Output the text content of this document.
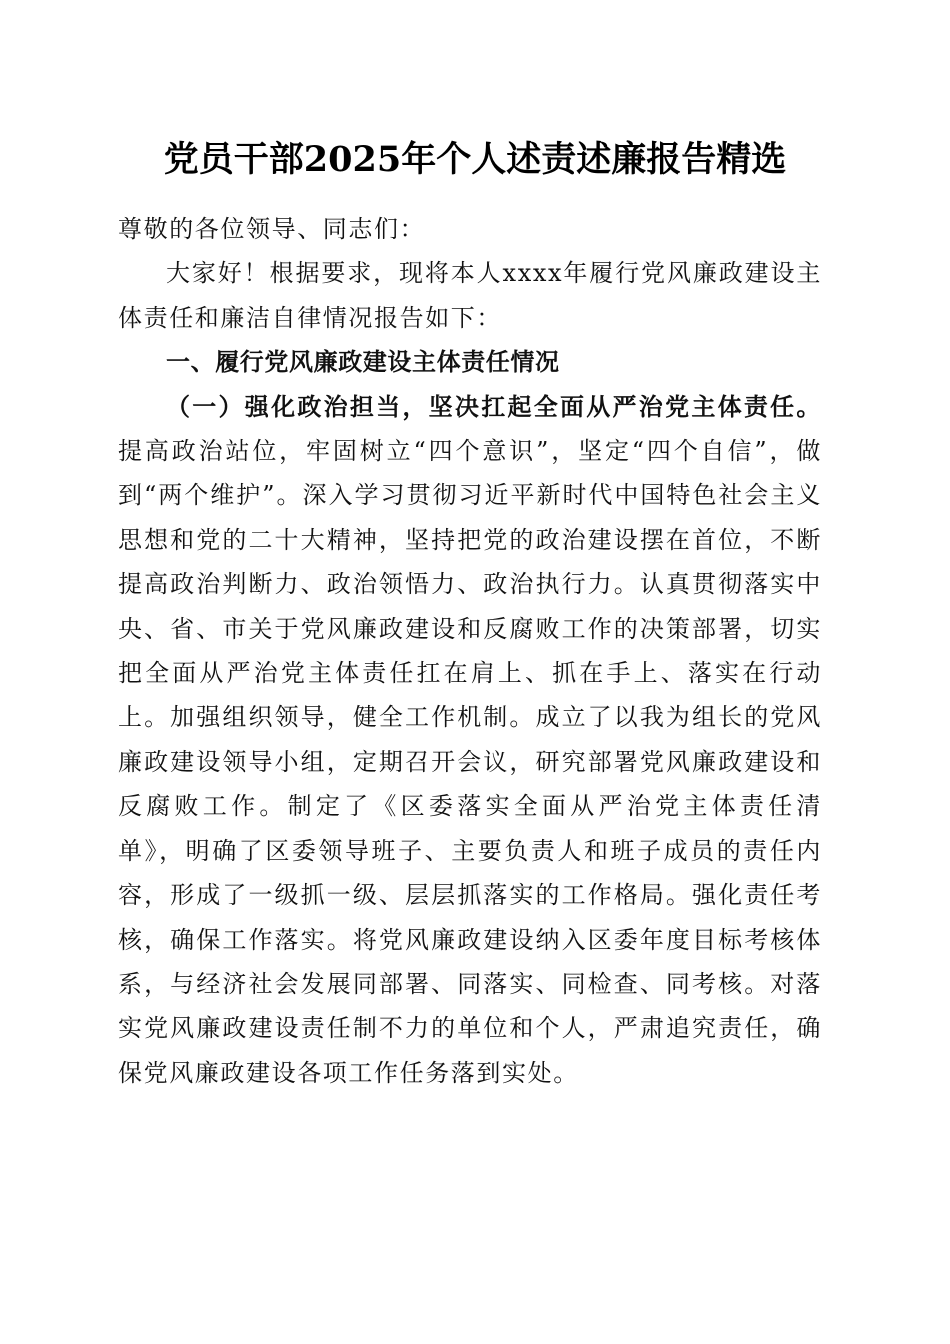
党员干部2025年个人述责述廉报告精选

尊敬的各位领导、同志们：

大家好！根据要求，现将本人xxxx年履行党风廉政建设主体责任和廉洁自律情况报告如下：

一、履行党风廉政建设主体责任情况

（一）强化政治担当，坚决扛起全面从严治党主体责任。提高政治站位，牢固树立“四个意识”，坚定“四个自信”，做到“两个维护”。深入学习贯彻习近平新时代中国特色社会主义思想和党的二十大精神，坚持把党的政治建设摆在首位，不断提高政治判断力、政治领悟力、政治执行力。认真贯彻落实中央、省、市关于党风廉政建设和反腐败工作的决策部署，切实把全面从严治党主体责任扛在肩上、抓在手上、落实在行动上。加强组织领导，健全工作机制。成立了以我为组长的党风廉政建设领导小组，定期召开会议，研究部署党风廉政建设和反腐败工作。制定了《区委落实全面从严治党主体责任清单》，明确了区委领导班子、主要负责人和班子成员的责任内容，形成了一级抓一级、层层抓落实的工作格局。强化责任考核，确保工作落实。将党风廉政建设纳入区委年度目标考核体系，与经济社会发展同部署、同落实、同检查、同考核。对落实党风廉政建设责任制不力的单位和个人，严肃追究责任，确保党风廉政建设各项工作任务落到实处。
